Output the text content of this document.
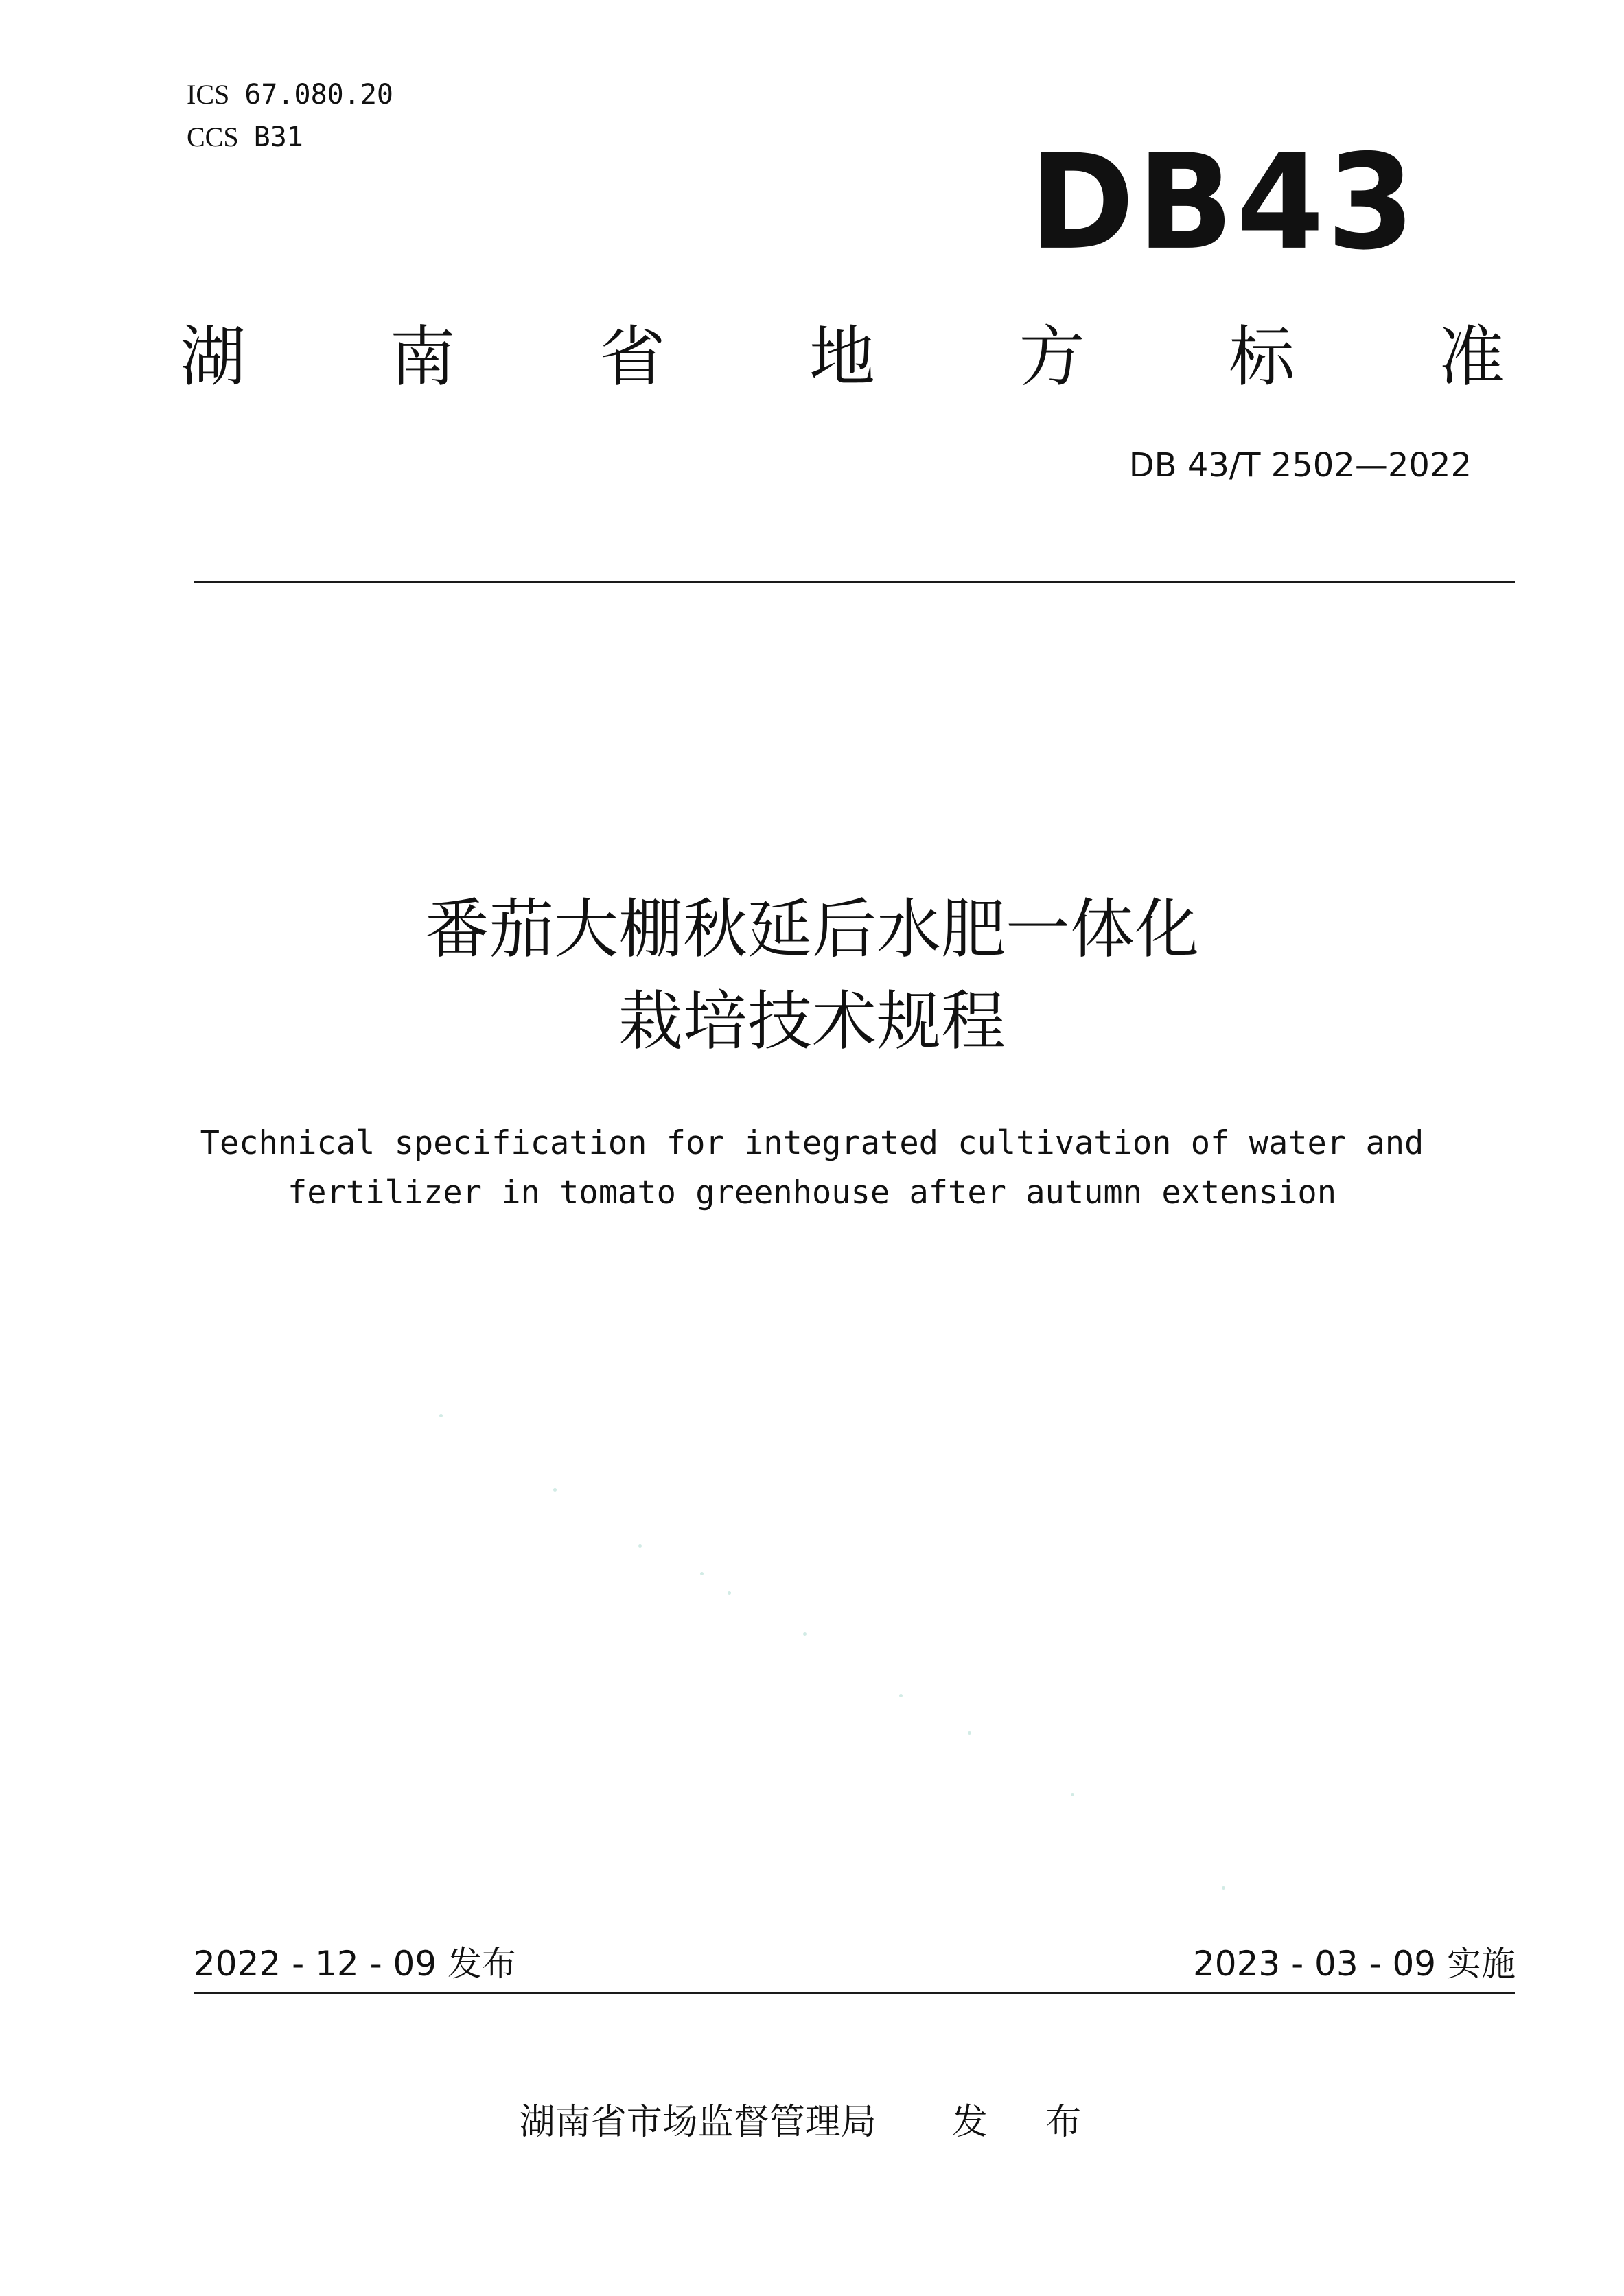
ICS 67.080.20
CCS B31	DB43
湖 南 省 地 方 标 准
DB 43/T 2502—2022
番茄大棚秋延后水肥一体化
栽培技术规程
Technical specification for integrated cultivation of water and
fertilizer in tomato greenhouse after autumn extension
2022 - 12 - 09 发布	2023 - 03 - 09 实施
湖南省市场监督管理局 发 布
